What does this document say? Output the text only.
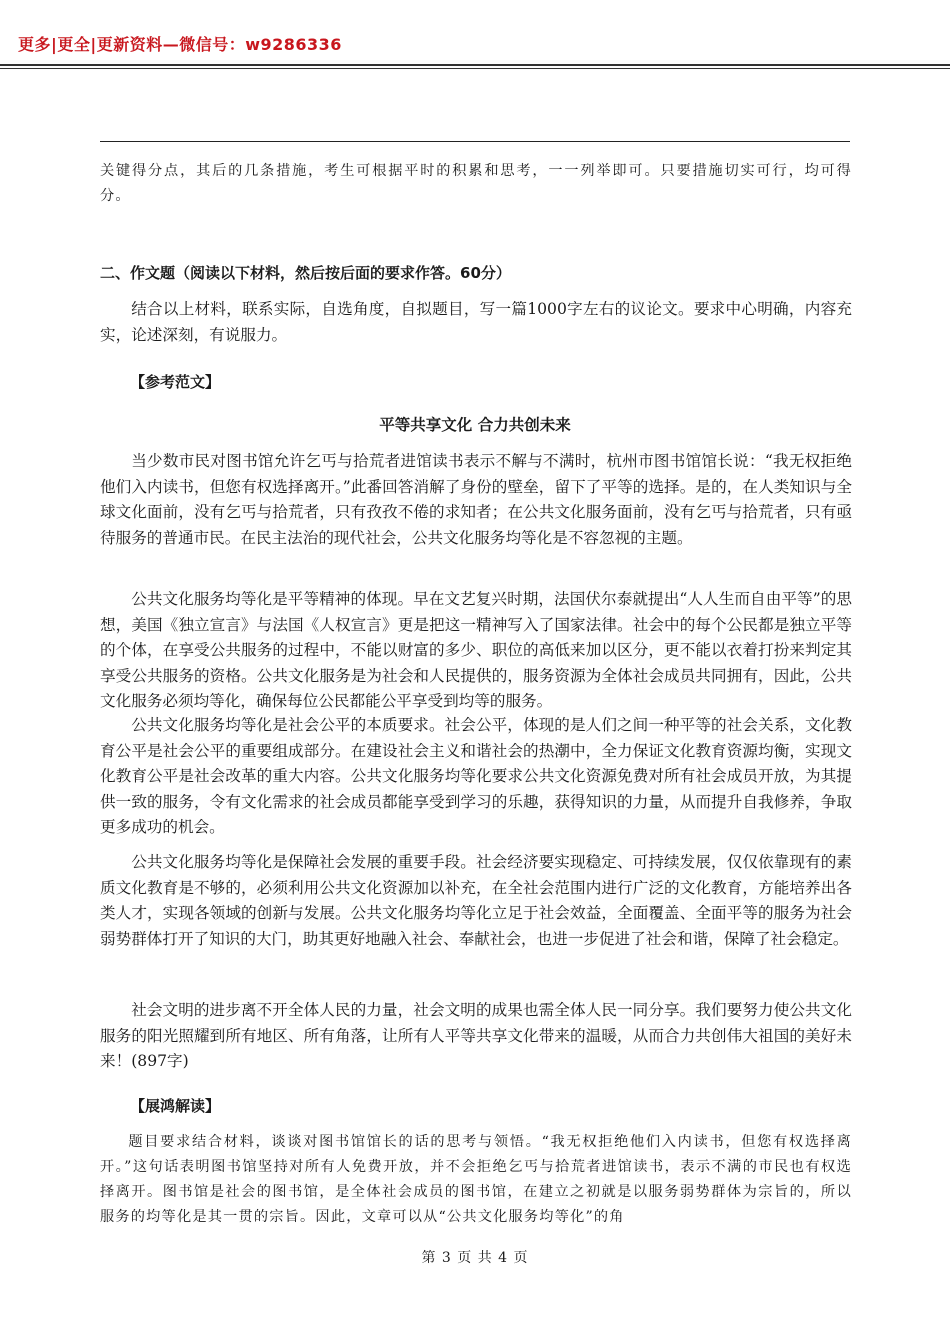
更多|更全|更新资料—微信号：w9286336
关键得分点，其后的几条措施，考生可根据平时的积累和思考，一一列举即可。只要措施切实可行，均可得分。
二、作文题（阅读以下材料，然后按后面的要求作答。60分）
结合以上材料，联系实际，自选角度，自拟题目，写一篇1000字左右的议论文。要求中心明确，内容充实，论述深刻，有说服力。
【参考范文】
平等共享文化 合力共创未来
当少数市民对图书馆允许乞丐与拾荒者进馆读书表示不解与不满时，杭州市图书馆馆长说：“我无权拒绝他们入内读书，但您有权选择离开。”此番回答消解了身份的壁垒，留下了平等的选择。是的，在人类知识与全球文化面前，没有乞丐与拾荒者，只有孜孜不倦的求知者；在公共文化服务面前，没有乞丐与拾荒者，只有亟待服务的普通市民。在民主法治的现代社会，公共文化服务均等化是不容忽视的主题。
公共文化服务均等化是平等精神的体现。早在文艺复兴时期，法国伏尔泰就提出“人人生而自由平等”的思想，美国《独立宣言》与法国《人权宣言》更是把这一精神写入了国家法律。社会中的每个公民都是独立平等的个体，在享受公共服务的过程中，不能以财富的多少、职位的高低来加以区分，更不能以衣着打扮来判定其享受公共服务的资格。公共文化服务是为社会和人民提供的，服务资源为全体社会成员共同拥有，因此，公共文化服务必须均等化，确保每位公民都能公平享受到均等的服务。
公共文化服务均等化是社会公平的本质要求。社会公平，体现的是人们之间一种平等的社会关系，文化教育公平是社会公平的重要组成部分。在建设社会主义和谐社会的热潮中，全力保证文化教育资源均衡，实现文化教育公平是社会改革的重大内容。公共文化服务均等化要求公共文化资源免费对所有社会成员开放，为其提供一致的服务，令有文化需求的社会成员都能享受到学习的乐趣，获得知识的力量，从而提升自我修养，争取更多成功的机会。
公共文化服务均等化是保障社会发展的重要手段。社会经济要实现稳定、可持续发展，仅仅依靠现有的素质文化教育是不够的，必须利用公共文化资源加以补充，在全社会范围内进行广泛的文化教育，方能培养出各类人才，实现各领域的创新与发展。公共文化服务均等化立足于社会效益，全面覆盖、全面平等的服务为社会弱势群体打开了知识的大门，助其更好地融入社会、奉献社会，也进一步促进了社会和谐，保障了社会稳定。
社会文明的进步离不开全体人民的力量，社会文明的成果也需全体人民一同分享。我们要努力使公共文化服务的阳光照耀到所有地区、所有角落，让所有人平等共享文化带来的温暖，从而合力共创伟大祖国的美好未来！(897字)
【展鸿解读】
题目要求结合材料，谈谈对图书馆馆长的话的思考与领悟。“我无权拒绝他们入内读书，但您有权选择离开。”这句话表明图书馆坚持对所有人免费开放，并不会拒绝乞丐与拾荒者进馆读书，表示不满的市民也有权选择离开。图书馆是社会的图书馆，是全体社会成员的图书馆，在建立之初就是以服务弱势群体为宗旨的，所以服务的均等化是其一贯的宗旨。因此，文章可以从“公共文化服务均等化”的角
第 3 页 共 4 页
